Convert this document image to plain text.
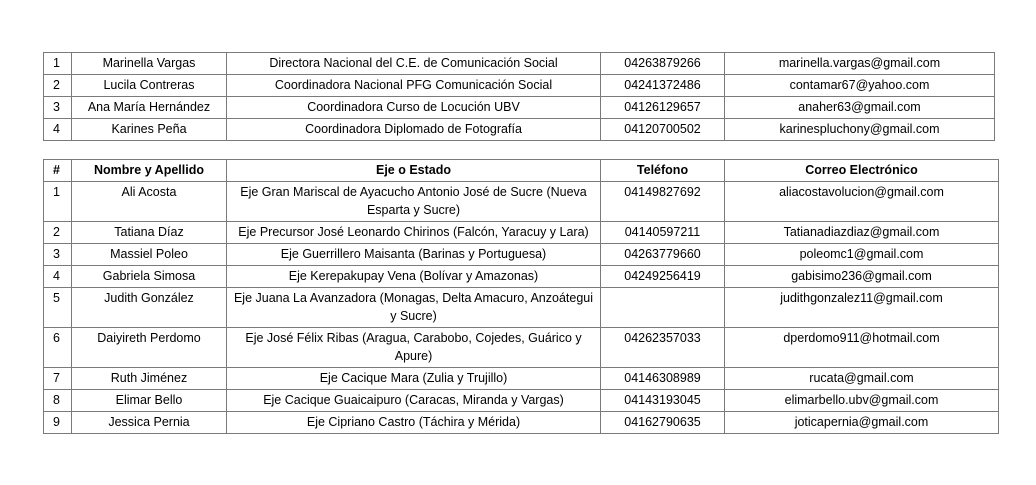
1	Marinella Vargas	Directora Nacional del C.E. de Comunicación Social	04263879266	marinella.vargas@gmail.com
2	Lucila Contreras	Coordinadora Nacional PFG Comunicación Social	04241372486	contamar67@yahoo.com
3	Ana María Hernández	Coordinadora Curso de Locución UBV	04126129657	anaher63@gmail.com
4	Karines Peña	Coordinadora Diplomado de Fotografía	04120700502	karinespluchony@gmail.com
#	Nombre y Apellido	Eje o Estado	Teléfono	Correo Electrónico
1	Ali Acosta	Eje Gran Mariscal de Ayacucho Antonio José de Sucre (Nueva Esparta y Sucre)	04149827692	aliacostavolucion@gmail.com
2	Tatiana Díaz	Eje Precursor José Leonardo Chirinos (Falcón, Yaracuy y Lara)	04140597211	Tatianadiazdiaz@gmail.com
3	Massiel Poleo	Eje Guerrillero Maisanta (Barinas y Portuguesa)	04263779660	poleomc1@gmail.com
4	Gabriela Simosa	Eje Kerepakupay Vena (Bolívar y Amazonas)	04249256419	gabisimo236@gmail.com
5	Judith González	Eje Juana La Avanzadora (Monagas, Delta Amacuro, Anzoátegui y Sucre)		judithgonzalez11@gmail.com
6	Daiyireth Perdomo	Eje José Félix Ribas (Aragua, Carabobo, Cojedes, Guárico y Apure)	04262357033	dperdomo911@hotmail.com
7	Ruth Jiménez	Eje Cacique Mara (Zulia y Trujillo)	04146308989	rucata@gmail.com
8	Elimar Bello	Eje Cacique Guaicaipuro (Caracas, Miranda y Vargas)	04143193045	elimarbello.ubv@gmail.com
9	Jessica Pernia	Eje Cipriano Castro (Táchira y Mérida)	04162790635	joticapernia@gmail.com
